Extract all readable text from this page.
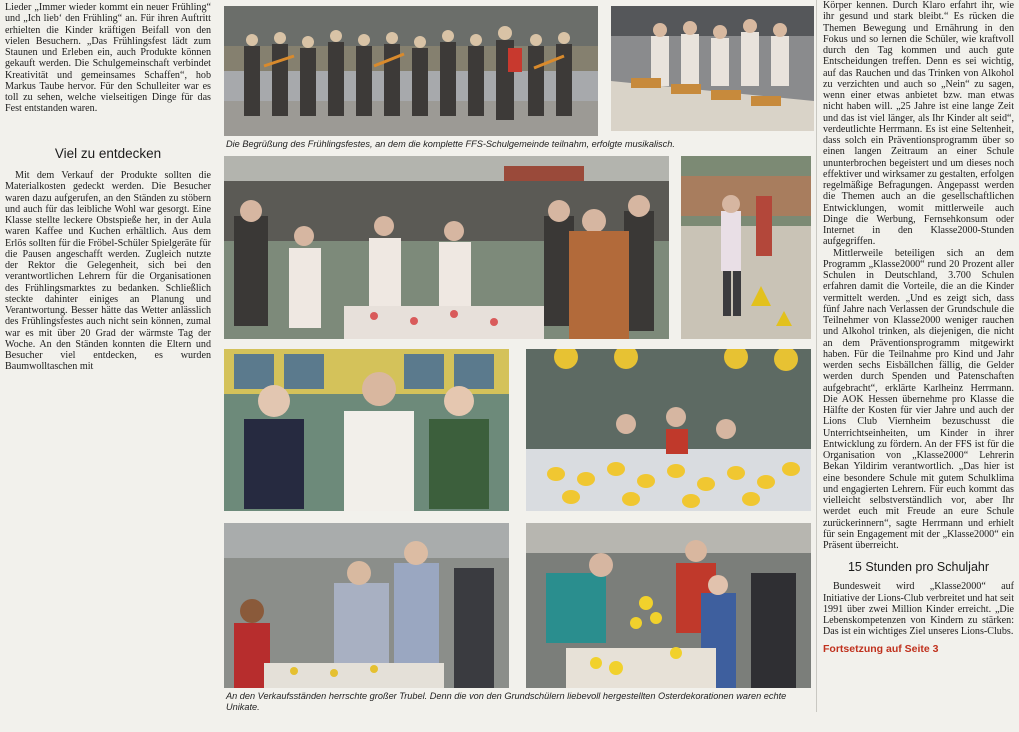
Lieder „Immer wieder kommt ein neuer Frühling“ und „Ich lieb‘ den Frühling“ an. Für ihren Auftritt erhielten die Kinder kräftigen Beifall von den vielen Besuchern. „Das Frühlingsfest lädt zum Staunen und Erleben ein, auch Produkte können gekauft werden. Die Schulgemeinschaft verbindet Kreativität und gemeinsames Schaffen“, hob Markus Taube hervor. Für den Schulleiter war es toll zu sehen, welche vielseitigen Dinge für das Fest entstanden waren.

Viel zu entdecken

Mit dem Verkauf der Produkte sollten die Materialkosten gedeckt werden. Die Besucher waren dazu aufgerufen, an den Ständen zu stöbern und auch für das leibliche Wohl war gesorgt. Eine Klasse stellte leckere Obstspieße her, in der Aula waren Kaffee und Kuchen erhältlich. Aus dem Erlös sollten für die Fröbel-Schüler Spielgeräte für die Pausen angeschafft werden. Zugleich nutzte der Rektor die Gelegenheit, sich bei den verantwortlichen Lehrern für die Organisationen des Frühlingsmarktes zu bedanken. Schließlich steckte dahinter einiges an Planung und Verantwortung. Besser hätte das Wetter anlässlich des Frühlingsfestes auch nicht sein können, zumal war es mit über 20 Grad der wärmste Tag der Woche. An den Ständen konnten die Eltern und Besucher viel entdecken, es wurden Baumwolltaschen mit

Die Begrüßung des Frühlingsfestes, an dem die komplette FFS-Schulgemeinde teilnahm, erfolgte musikalisch.
An den Verkaufsständen herrschte großer Trubel. Denn die von den Grundschülern liebevoll hergestellten Osterdekorationen waren echte Unikate.

Körper kennen. Durch Klaro erfahrt ihr, wie ihr gesund und stark bleibt.“ Es rücken die Themen Bewegung und Ernährung in den Fokus und so lernen die Schüler, wie kraftvoll durch den Tag kommen und auch gute Entscheidungen treffen. Denn es sei wichtig, auf das Rauchen und das Trinken von Alkohol zu verzichten und auch so „Nein“ zu sagen, wenn einer etwas anbietet bzw. man etwas nicht haben will. „25 Jahre ist eine lange Zeit und das ist viel länger, als Ihr Kinder alt seid“, verdeutlichte Herrmann. Es ist eine Seltenheit, dass solch ein Präventionsprogramm über so einen langen Zeitraum an einer Schule ununterbrochen begeistert und um dieses noch effektiver und wirksamer zu gestalten, erfolgen regelmäßige Befragungen. Angepasst werden die Themen auch an die gesellschaftlichen Entwicklungen, womit mittlerweile auch Dinge die Werbung, Fernsehkonsum oder Internet in den Klasse2000-Stunden aufgegriffen.

Mittlerweile beteiligen sich an dem Programm „Klasse2000“ rund 20 Prozent aller Schulen in Deutschland, 3.700 Schulen erfahren damit die Vorteile, die an die Kinder vermittelt werden. „Und es zeigt sich, dass fünf Jahre nach Verlassen der Grundschule die Teilnehmer von Klasse2000 weniger rauchen und Alkohol trinken, als diejenigen, die nicht an dem Präventionsprogramm mitgewirkt haben. Für die Teilnahme pro Kind und Jahr werden sechs Eisbällchen fällig, die Gelder werden durch Spenden und Patenschaften aufgebracht“, erklärte Karlheinz Herrmann. Die AOK Hessen übernehme pro Klasse die Hälfte der Kosten für vier Jahre und auch der Lions Club Viernheim bezuschusst die Unterrichtseinheiten, um Kinder in ihrer Entwicklung zu fördern. An der FFS ist für die Organisation von „Klasse2000“ Lehrerin Bekan Yildirim verantwortlich. „Das hier ist eine besondere Schule mit gutem Schulklima und engagierten Lehrern. Für euch kommt das vielleicht selbstverständlich vor, aber Ihr werdet euch mit Freude an eure Schule zurückerinnern“, sagte Herrmann und erhielt für sein Engagement mit der „Klasse2000“ ein Präsent überreicht.

15 Stunden pro Schuljahr

Bundesweit wird „Klasse2000“ auf Initiative der Lions-Club verbreitet und hat seit 1991 über zwei Million Kinder erreicht. „Die Lebenskompetenzen von Kindern zu stärken: Das ist ein wichtiges Ziel unseres Lions-Clubs.

Fortsetzung auf Seite 3
